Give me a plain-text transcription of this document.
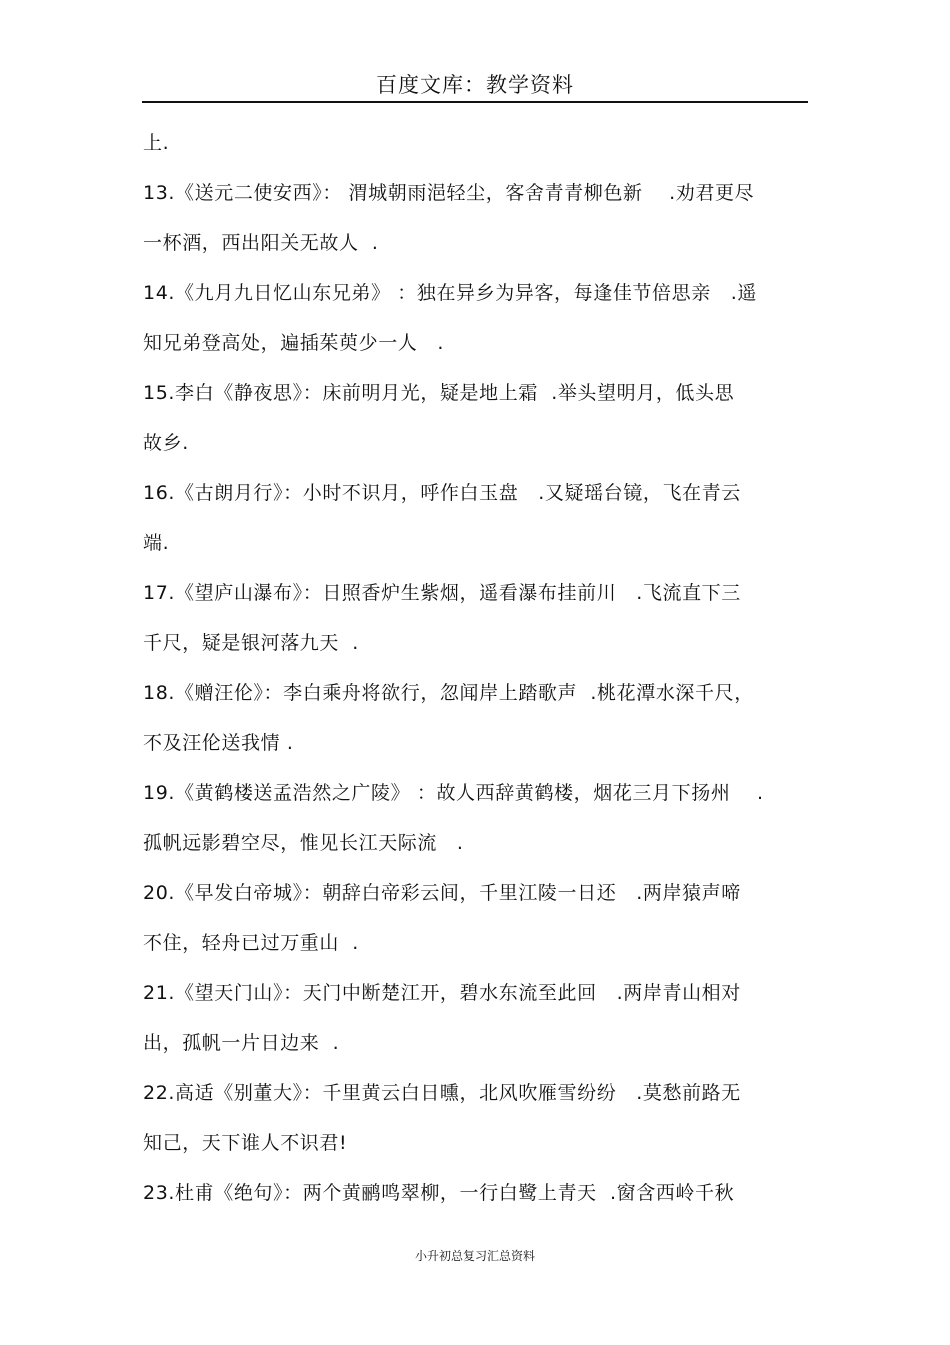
百度文库：教学资料
上.
13.《送元二使安西》： 渭城朝雨浥轻尘，客舍青青柳色新    .劝君更尽
一杯酒，西出阳关无故人  .
14.《九月九日忆山东兄弟》 ：独在异乡为异客，每逢佳节倍思亲   .遥
知兄弟登高处，遍插茱萸少一人   .
15.李白《静夜思》：床前明月光，疑是地上霜  .举头望明月，低头思
故乡.
16.《古朗月行》：小时不识月，呼作白玉盘   .又疑瑶台镜，飞在青云
端.
17.《望庐山瀑布》：日照香炉生紫烟，遥看瀑布挂前川   .飞流直下三
千尺，疑是银河落九天  .
18.《赠汪伦》：李白乘舟将欲行，忽闻岸上踏歌声  .桃花潭水深千尺，
不及汪伦送我情 .
19.《黄鹤楼送孟浩然之广陵》 ：故人西辞黄鹤楼，烟花三月下扬州    .
孤帆远影碧空尽，惟见长江天际流   .
20.《早发白帝城》：朝辞白帝彩云间，千里江陵一日还   .两岸猿声啼
不住，轻舟已过万重山  .
21.《望天门山》：天门中断楚江开，碧水东流至此回   .两岸青山相对
出，孤帆一片日边来  .
22.高适《别董大》：千里黄云白日曛，北风吹雁雪纷纷   .莫愁前路无
知己，天下谁人不识君!
23.杜甫《绝句》：两个黄鹂鸣翠柳，一行白鹭上青天  .窗含西岭千秋
小升初总复习汇总资料
